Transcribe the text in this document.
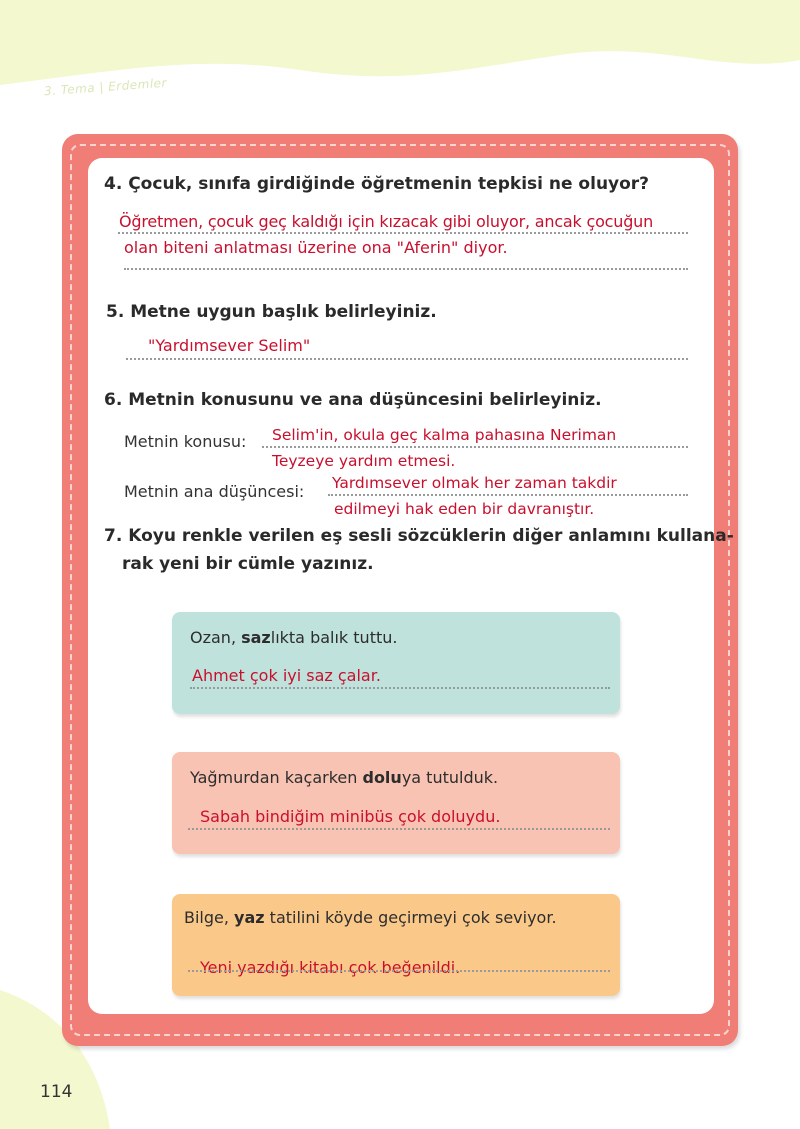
3. Tema | Erdemler
4. Çocuk, sınıfa girdiğinde öğretmenin tepkisi ne oluyor?
Öğretmen, çocuk geç kaldığı için kızacak gibi oluyor, ancak çocuğun
olan biteni anlatması üzerine ona "Aferin" diyor.
5. Metne uygun başlık belirleyiniz.
"Yardımsever Selim"
6. Metnin konusunu ve ana düşüncesini belirleyiniz.
Metnin konusu: Selim'in, okula geç kalma pahasına Neriman
Teyzeye yardım etmesi.
Metnin ana düşüncesi: Yardımsever olmak her zaman takdir
edilmeyi hak eden bir davranıştır.
7. Koyu renkle verilen eş sesli sözcüklerin diğer anlamını kullana-
rak yeni bir cümle yazınız.
Ozan, sazlıkta balık tuttu.
Ahmet çok iyi saz çalar.
Yağmurdan kaçarken doluya tutulduk.
Sabah bindiğim minibüs çok doluydu.
Bilge, yaz tatilini köyde geçirmeyi çok seviyor.
Yeni yazdığı kitabı çok beğenildi.
114
